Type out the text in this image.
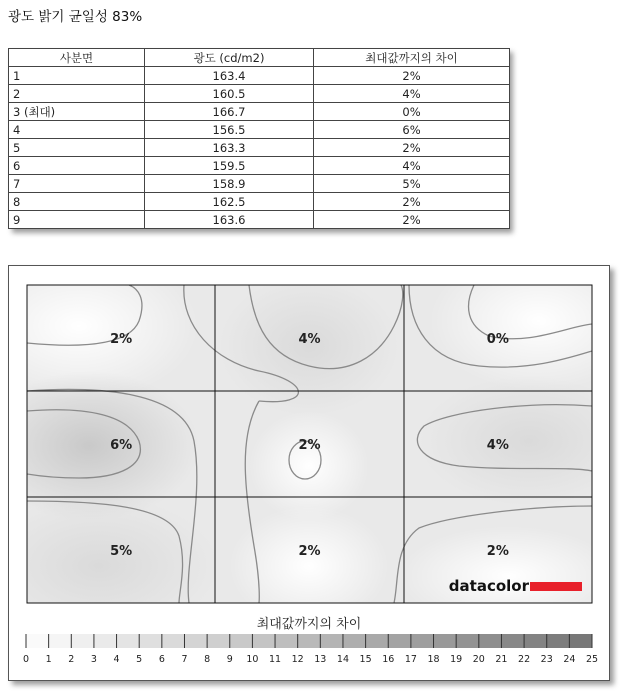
광도 밝기 균일성 83%
사분면	광도 (cd/m2)	최대값까지의 차이
1	163.4	2%
2	160.5	4%
3 (최대)	166.7	0%
4	156.5	6%
5	163.3	2%
6	159.5	4%
7	158.9	5%
8	162.5	2%
9	163.6	2%
2%	4%	0%
6%	2%	4%
5%	2%	2%
datacolor
최대값까지의 차이
0 1 2 3 4 5 6 7 8 9 10 11 12 13 14 15 16 17 18 19 20 21 22 23 24 25
